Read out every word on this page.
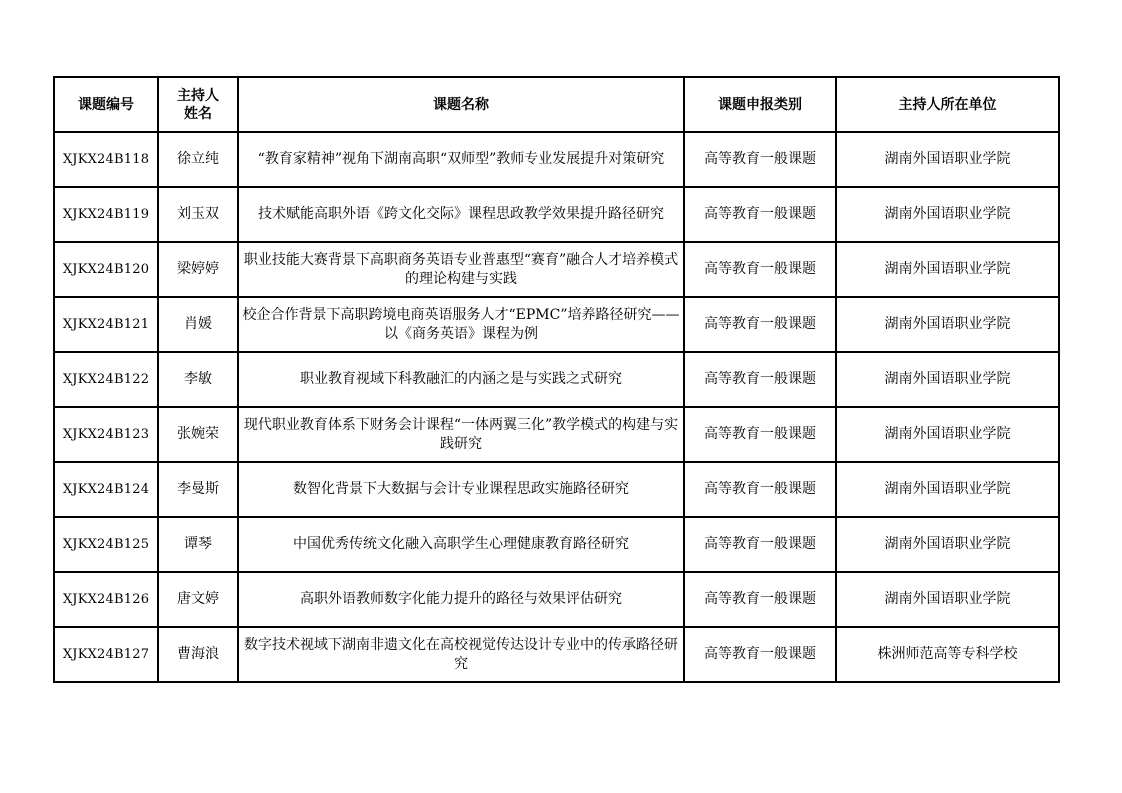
课题编号	主持人姓名	课题名称	课题申报类别	主持人所在单位
XJKX24B118	徐立纯	“教育家精神”视角下湖南高职“双师型”教师专业发展提升对策研究	高等教育一般课题	湖南外国语职业学院
XJKX24B119	刘玉双	技术赋能高职外语《跨文化交际》课程思政教学效果提升路径研究	高等教育一般课题	湖南外国语职业学院
XJKX24B120	梁婷婷	职业技能大赛背景下高职商务英语专业普惠型“赛育”融合人才培养模式的理论构建与实践	高等教育一般课题	湖南外国语职业学院
XJKX24B121	肖媛	校企合作背景下高职跨境电商英语服务人才“EPMC”培养路径研究——以《商务英语》课程为例	高等教育一般课题	湖南外国语职业学院
XJKX24B122	李敏	职业教育视域下科教融汇的内涵之是与实践之式研究	高等教育一般课题	湖南外国语职业学院
XJKX24B123	张婉荣	现代职业教育体系下财务会计课程“一体两翼三化”教学模式的构建与实践研究	高等教育一般课题	湖南外国语职业学院
XJKX24B124	李曼斯	数智化背景下大数据与会计专业课程思政实施路径研究	高等教育一般课题	湖南外国语职业学院
XJKX24B125	谭琴	中国优秀传统文化融入高职学生心理健康教育路径研究	高等教育一般课题	湖南外国语职业学院
XJKX24B126	唐文婷	高职外语教师数字化能力提升的路径与效果评估研究	高等教育一般课题	湖南外国语职业学院
XJKX24B127	曹海浪	数字技术视域下湖南非遗文化在高校视觉传达设计专业中的传承路径研究	高等教育一般课题	株洲师范高等专科学校
